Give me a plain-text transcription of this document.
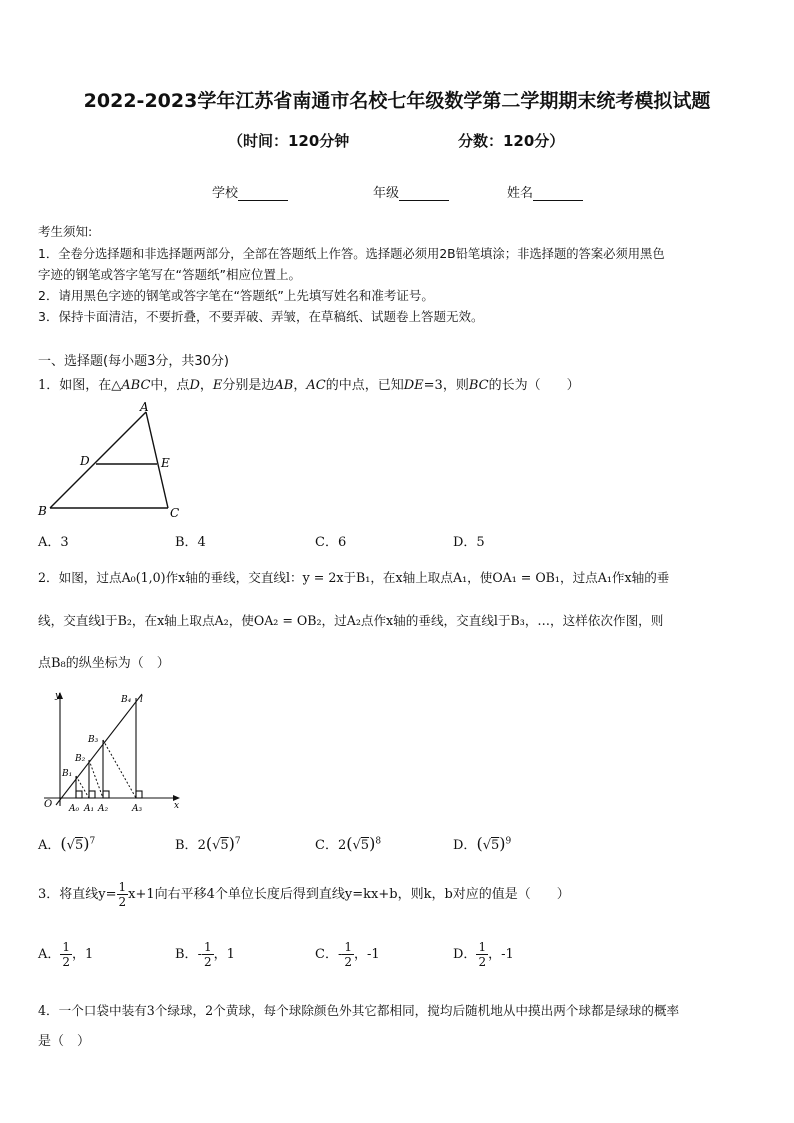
2022-2023学年江苏省南通市名校七年级数学第二学期期末统考模拟试题
（时间：120分钟	分数：120分）
学校	年级	姓名
考生须知:
1．全卷分选择题和非选择题两部分，全部在答题纸上作答。选择题必须用2B铅笔填涂；非选择题的答案必须用黑色
字迹的钢笔或答字笔写在“答题纸”相应位置上。
2．请用黑色字迹的钢笔或答字笔在“答题纸”上先填写姓名和准考证号。
3．保持卡面清洁，不要折叠，不要弄破、弄皱，在草稿纸、试题卷上答题无效。
一、选择题(每小题3分，共30分)
1．如图，在△ABC中，点D，E分别是边AB，AC的中点，已知DE=3，则BC的长为（　　）
A
D	E
B	C
A．3	B．4	C．6	D．5
2．如图，过点A₀(1,0)作x轴的垂线，交直线l：y = 2x于B₁，在x轴上取点A₁，使OA₁ = OB₁，过点A₁作x轴的垂
线，交直线l于B₂，在x轴上取点A₂，使OA₂ = OB₂，过A₂点作x轴的垂线，交直线l于B₃，…，这样依次作图，则
点B₈的纵坐标为（　）
y
x
O
l
A₀ A₁ A₂	A₃
B₁
B₂
B₃
B₄
A．$(√5)^7$	B．$2(√5)^7$	C．$2(√5)^8$	D．$(√5)^9$
3．将直线$y= \frac{1}{2} x+1$向右平移4个单位长度后得到直线y=kx+b，则k，b对应的值是（　　）
A． $\frac{1}{2}$ ，1	B．- $\frac{1}{2}$ ，1	C．- $\frac{1}{2}$ ，-1	D． $\frac{1}{2}$ ，-1
4．一个口袋中装有3个绿球，2个黄球，每个球除颜色外其它都相同，搅均后随机地从中摸出两个球都是绿球的概率
是（　）
